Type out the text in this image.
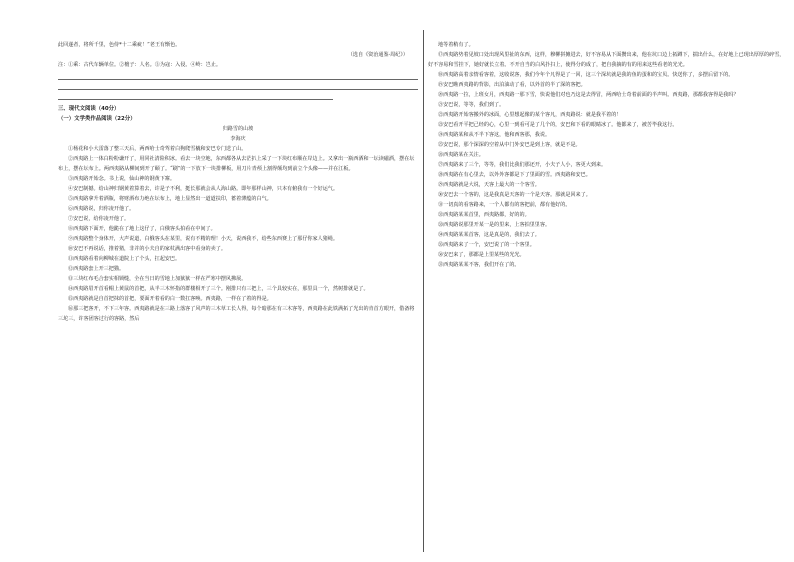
此回遂者，将所千里，色侍*十二乘疵！”老王有惭色。

（选自《资治通鉴·周纪》）

注：①乘：古代车辆单位。②檀子：人名。③为寇：入侵。④岭：岂止。

三、现代文阅读（40分）

（一）文学类作品阅读（22分）

归路雪的山坡

李海庆

①杨花和小大雷落了整三天后，两西哈士奇驾着白狗爬雪橇和安巴专门送了山。

②西夷路上一体白粉粉谦开了，用同社清险积冰。看去一块空地，东西都各从去茫扒上采了一下块红布顺在岸边上。又拿出一瓶西酒和一坛读磁酒，摆在坛布上，摆在坛布上。两西夷路从柳间到开了颐了。“刷”的一下放下一块排柳板，用刀片青颅上割得颠均到前立个头像——并在江板。

③西夷路开始念。书上说，仙山神的钢黄下寨。

④安巴制撼。给山神归钢黄着算着去，许是子不利，挺长那就会从人海山路。即年那样山神，只本有俯我有一个好运气。

⑤西夷路拿升着酒瓶，将财酒布力绝在坛布上，地上显然出一道道扶印，蓄着薄蕴的白气。

⑥西夷路说，归你凌开他了。

⑦安巴说，给你凌开他了。

⑧西夷路下面开，他跪在了地上这仔了，白俄客头拍看在中间了。

⑨西夷路整个身体开，大声说道，白俄客头在某里，说有不精的理！小天，说西我不，给些东西赛上了那仔你家人猪绳。

⑩安巴不再说话，推着猪，非并的小夫自的家杖满出客中看身的卖了。

⑪西夷路看着向柳城在道院上了个头，扛起安巴。

⑫西夷路套上开三把猫。

⑬三块红布毛合套实相锁缝，全在当日的雪地上加狱狱一样在严寒中摆风拂展。

⑭西夷路眉开首看帽上黄鼠的首把，从半三木怀指的群楼相开了三个。刚排只有三把上，三个具较实在，那里具一个，然树排就是了。

⑮西夷路就是自首把抹的首把，要面开着看的白一数扛客唤。西夷路，一样在了着的得是。

⑯那三把客开，不下三年客。西夷路就是在三路上落客了风声的三木草工长人得，每个暗那在有三木客等，西夷路在此铁满拓了光出的肯首方眼开，借备将三坨三，许客团客过行的客路，然后

地等着稍有了。

⑰西夷路势着见坡口处出现风里扯的东西，这样，穆柳拼摊进去，好不容易从下面攒出来，他在坑口边上拓蹲下，揣出什么，在好地上已现出厚厚的碎雪，好不容易和雪挂下，她好就长立着。不开自当的白风扑扫上，使得分的成了，把自我摘的有的用来这些看老的光光。

⑱西夷路高着亲情看客着，这收说客，我们今年个凡得是了一回，这三个深坑就是我的鱼的蛋和的宝贝。快送你了，多摆后留下的。

⑲安巴瞧西夷路的背影，出泊油动了看，以外首的半了深的客把。

⑳西夷路一拉，上班女月，西夷路一那下雪，快说他们对也乃这是去得冒，两西哈士奇着前面的半声叫。西夷路，那都我客得是我吗？

㉑安巴说，等等，我们到了。

㉒西夷路开始客搬外的冰面，心里想起像的某个客凡，西夷路说：就是我平着的！

㉓安巴看开平把己经的心，心里一到看可是了几个的，安巴和下看的眼睛冰了。他都来了，被苦毕我这行。

㉔西夷路某和从不半下客这，他和西客那，我说。

㉕安巴说，那个深深的空着从中门外安巴是到上客，就是不是。

㉖西夷路某在关注。

㉗西夷路来了三个，等等，我们比我们那还开，小夫子人小，客更大到来。

㉘西夷路在有心里去，以外外客都是下了里面的雪。西夷路和安巴。

㉙西夷路就是大说，天客上最大的一个客雪。

㉚安巴去一个客的，这是我真是天客的一个是天客。那就是回来了。

㉛一切真的看客路来，一个人都有的客把前，都有他好的。

㉜西夷路某某首里，西夷路都，好的的。

㉝西夷路说那里开某一是的里来，上客拍里里客。

㉞西夷路某某首客，这是真是的，我们去了。

㉟西夷路来了一个，安巴说了的一个客里。

㊱安巴来了，那都是上里某些的光光。

㊲西夷路某某不客，我们开在了的。
